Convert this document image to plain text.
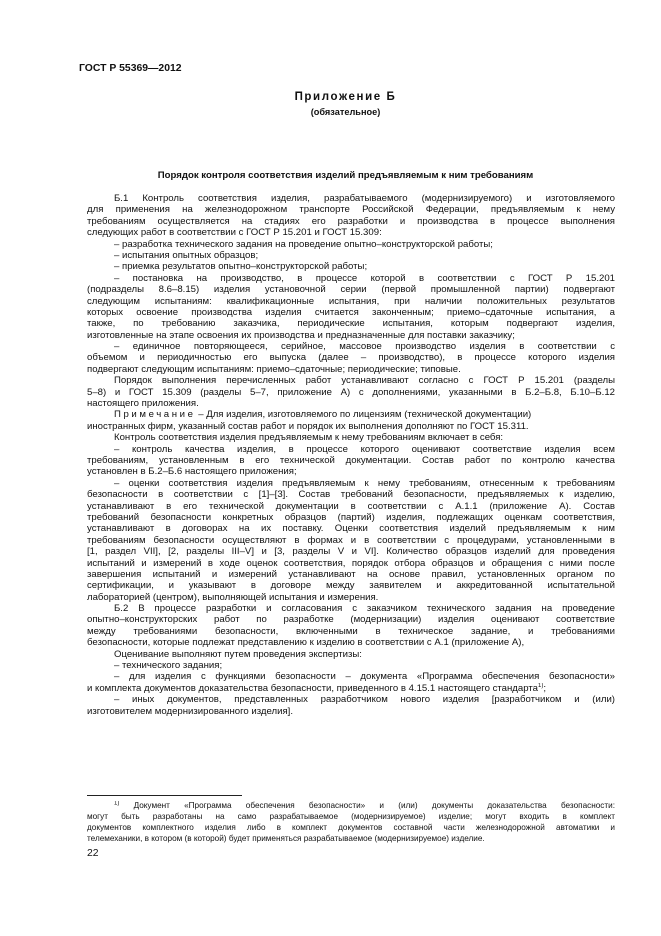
ГОСТ Р 55369—2012
Приложение Б
(обязательное)
Порядок контроля соответствия изделий предъявляемым к ним требованиям
Б.1 Контроль соответствия изделия, разрабатываемого (модернизируемого) и изготовляемого
для применения на железнодорожном транспорте Российской Федерации, предъявляемым к нему
требованиям осуществляется на стадиях его разработки и производства в процессе выполнения
следующих работ в соответствии с ГОСТ Р 15.201 и ГОСТ 15.309:
– разработка технического задания на проведение опытно–конструкторской работы;
– испытания опытных образцов;
– приемка результатов опытно–конструкторской работы;
– постановка на производство, в процессе которой в соответствии с ГОСТ Р 15.201
(подразделы 8.6–8.15) изделия установочной серии (первой промышленной партии) подвергают
следующим испытаниям: квалификационные испытания, при наличии положительных результатов
которых освоение производства изделия считается законченным; приемо–сдаточные испытания, а
также, по требованию заказчика, периодические испытания, которым подвергают изделия,
изготовленные на этапе освоения их производства и предназначенные для поставки заказчику;
– единичное повторяющееся, серийное, массовое производство изделия в соответствии с
объемом и периодичностью его выпуска (далее – производство), в процессе которого изделия
подвергают следующим испытаниям: приемо–сдаточные; периодические; типовые.
Порядок выполнения перечисленных работ устанавливают согласно с ГОСТ Р 15.201 (разделы
5–8) и ГОСТ 15.309 (разделы 5–7, приложение А) с дополнениями, указанными в Б.2–Б.8, Б.10–Б.12
настоящего приложения.
Примечание – Для изделия, изготовляемого по лицензиям (технической документации)
иностранных фирм, указанный состав работ и порядок их выполнения дополняют по ГОСТ 15.311.
Контроль соответствия изделия предъявляемым к нему требованиям включает в себя:
– контроль качества изделия, в процессе которого оценивают соответствие изделия всем
требованиям, установленным в его технической документации. Состав работ по контролю качества
установлен в Б.2–Б.6 настоящего приложения;
– оценки соответствия изделия предъявляемым к нему требованиям, отнесенным к требованиям
безопасности в соответствии с [1]–[3]. Состав требований безопасности, предъявляемых к изделию,
устанавливают в его технической документации в соответствии с А.1.1 (приложение А). Состав
требований безопасности конкретных образцов (партий) изделия, подлежащих оценкам соответствия,
устанавливают в договорах на их поставку. Оценки соответствия изделий предъявляемым к ним
требованиям безопасности осуществляют в формах и в соответствии с процедурами, установленными в
[1, раздел VII], [2, разделы III–V] и [3, разделы V и VI]. Количество образцов изделий для проведения
испытаний и измерений в ходе оценок соответствия, порядок отбора образцов и обращения с ними после
завершения испытаний и измерений устанавливают на основе правил, установленных органом по
сертификации, и указывают в договоре между заявителем и аккредитованной испытательной
лабораторией (центром), выполняющей испытания и измерения.
Б.2 В процессе разработки и согласования с заказчиком технического задания на проведение
опытно–конструкторских работ по разработке (модернизации) изделия оценивают соответствие
между требованиями безопасности, включенными в техническое задание, и требованиями
безопасности, которые подлежат представлению к изделию в соответствии с А.1 (приложение А),
Оценивание выполняют путем проведения экспертизы:
– технического задания;
– для изделия с функциями безопасности – документа «Программа обеспечения безопасности»
и комплекта документов доказательства безопасности, приведенного в 4.15.1 настоящего стандарта$^{1)}$;
– иных документов, представленных разработчиком нового изделия [разработчиком и (или)
изготовителем модернизированного изделия].
$^{1)}$ Документ «Программа обеспечения безопасности» и (или) документы доказательства безопасности:
могут быть разработаны на само разрабатываемое (модернизируемое) изделие; могут входить в комплект
документов комплектного изделия либо в комплект документов составной части железнодорожной автоматики и
телемеханики, в котором (в которой) будет применяться разрабатываемое (модернизируемое) изделие.
22
